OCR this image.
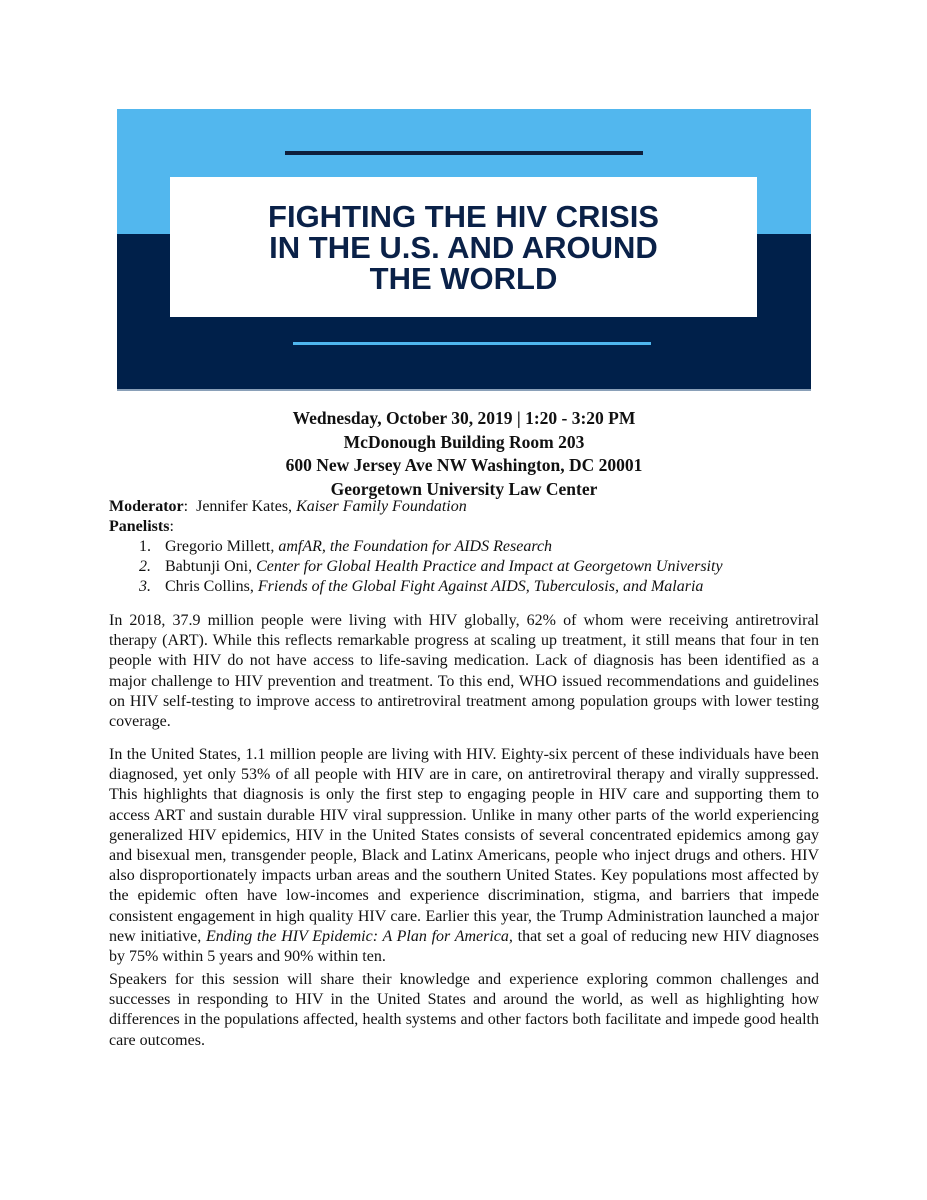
FIGHTING THE HIV CRISIS
IN THE U.S. AND AROUND
THE WORLD
Wednesday, October 30, 2019 | 1:20 - 3:20 PM
McDonough Building Room 203
600 New Jersey Ave NW Washington, DC 20001
Georgetown University Law Center
Moderator:  Jennifer Kates, Kaiser Family Foundation
Panelists:
1. Gregorio Millett, amfAR, the Foundation for AIDS Research
2. Babtunji Oni, Center for Global Health Practice and Impact at Georgetown University
3. Chris Collins, Friends of the Global Fight Against AIDS, Tuberculosis, and Malaria

In 2018, 37.9 million people were living with HIV globally, 62% of whom were receiving antiretroviral therapy (ART). While this reflects remarkable progress at scaling up treatment, it still means that four in ten people with HIV do not have access to life-saving medication. Lack of diagnosis has been identified as a major challenge to HIV prevention and treatment. To this end, WHO issued recommendations and guidelines on HIV self-testing to improve access to antiretroviral treatment among population groups with lower testing coverage.

In the United States, 1.1 million people are living with HIV. Eighty-six percent of these individuals have been diagnosed, yet only 53% of all people with HIV are in care, on antiretroviral therapy and virally suppressed. This highlights that diagnosis is only the first step to engaging people in HIV care and supporting them to access ART and sustain durable HIV viral suppression. Unlike in many other parts of the world experiencing generalized HIV epidemics, HIV in the United States consists of several concentrated epidemics among gay and bisexual men, transgender people, Black and Latinx Americans, people who inject drugs and others. HIV also disproportionately impacts urban areas and the southern United States. Key populations most affected by the epidemic often have low-incomes and experience discrimination, stigma, and barriers that impede consistent engagement in high quality HIV care. Earlier this year, the Trump Administration launched a major new initiative, Ending the HIV Epidemic: A Plan for America, that set a goal of reducing new HIV diagnoses by 75% within 5 years and 90% within ten.

Speakers for this session will share their knowledge and experience exploring common challenges and successes in responding to HIV in the United States and around the world, as well as highlighting how differences in the populations affected, health systems and other factors both facilitate and impede good health care outcomes.
